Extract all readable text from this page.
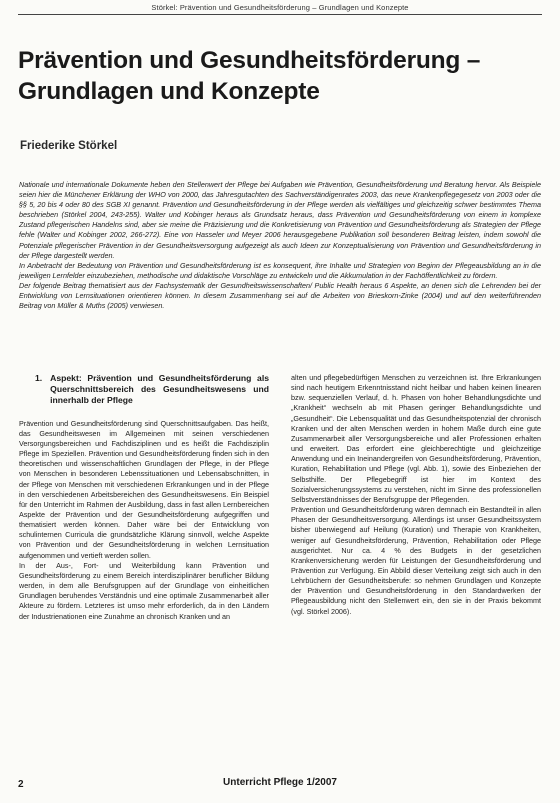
Störkel: Prävention und Gesundheitsförderung – Grundlagen und Konzepte
Prävention und Gesundheitsförderung –
Grundlagen und Konzepte
Friederike Störkel

Nationale und internationale Dokumente heben den Stellenwert der Pflege bei Aufgaben wie Prävention, Gesundheitsförderung und Beratung hervor. Als Beispiele seien hier die Münchener Erklärung der WHO von 2000, das Jahresgutachten des Sachverständigenrates 2003, das neue Krankenpflegegesetz von 2003 oder die §§ 5, 20 bis 4 oder 80 des SGB XI genannt. Prävention und Gesundheitsförderung in der Pflege werden als vielfältiges und gleichzeitig schwer bestimmtes Thema beschrieben (Störkel 2004, 243-255). Walter und Kobinger heraus als Grundsatz heraus, dass Prävention und Gesundheitsförderung von einem in komplexe Zustand pflegerischen Handelns sind, aber sie meine die Präzisierung und die Konkretisierung von Prävention und Gesundheitsförderung als Strategien der Pflege fehle (Walter und Kobinger 2002, 266-272). Eine von Hasseler und Meyer 2006 herausgegebene Publikation soll besonderen Beitrag leisten, indem sowohl die Potenziale pflegerischer Prävention in der Gesundheitsversorgung aufgezeigt als auch Ideen zur Konzeptualisierung von Prävention und Gesundheitsförderung in der Pflege dargestellt werden.

In Anbetracht der Bedeutung von Prävention und Gesundheitsförderung ist es konsequent, ihre Inhalte und Strategien von Beginn der Pflegeausbildung an in die jeweiligen Lernfelder einzubeziehen, methodische und didaktische Vorschläge zu entwickeln und die Akkumulation in der Fachöffentlichkeit zu fördern.

Der folgende Beitrag thematisiert aus der Fachsystematik der Gesundheitswissenschaften/ Public Health heraus 6 Aspekte, an denen sich die Lehrenden bei der Entwicklung von Lernsituationen orientieren können. In diesem Zusammenhang sei auf die Arbeiten von Brieskorn-Zinke (2004) und auf den weiterführenden Beitrag von Müller & Muths (2005) verwiesen.

1. Aspekt: Prävention und Gesundheitsförderung als Querschnittsbereich des Gesundheitswesens und innerhalb der Pflege

Prävention und Gesundheitsförderung sind Querschnittsaufgaben. Das heißt, das Gesundheitswesen im Allgemeinen mit seinen verschiedenen Versorgungsbereichen und Fachdisziplinen und es heißt die Fachdisziplin Pflege im Speziellen. Prävention und Gesundheitsförderung finden sich in den theoretischen und wissenschaftlichen Grundlagen der Pflege, in der Pflege von Menschen in besonderen Lebenssituationen und Lebensabschnitten, in der Pflege von Menschen mit verschiedenen Erkrankungen und in der Pflege in den verschiedenen Arbeitsbereichen des Gesundheitswesens. Ein Beispiel für den Unterricht im Rahmen der Ausbildung, dass in fast allen Lernbereichen Aspekte der Prävention und der Gesundheitsförderung aufgegriffen und thematisiert werden können. Daher wäre bei der Entwicklung von schulinternen Curricula die grundsätzliche Klärung sinnvoll, welche Aspekte von Prävention und der Gesundheitsförderung in welchen Lernsituation aufgenommen und vertieft werden sollen.

In der Aus-, Fort- und Weiterbildung kann Prävention und Gesundheitsförderung zu einem Bereich interdisziplinärer beruflicher Bildung werden, in dem alle Berufsgruppen auf der Grundlage von einheitlichen Grundlagen beruhendes Verständnis und eine optimale Zusammenarbeit aller Akteure zu fördern. Letzteres ist umso mehr erforderlich, da in den Ländern der Industrienationen eine Zunahme an chronisch Kranken und an

alten und pflegebedürftigen Menschen zu verzeichnen ist. Ihre Erkrankungen sind nach heutigem Erkenntnisstand nicht heilbar und haben keinen linearen bzw. sequenziellen Verlauf, d. h. Phasen von hoher Behandlungsdichte und „Krankheit“ wechseln ab mit Phasen geringer Behandlungsdichte und „Gesundheit“. Die Lebensqualität und das Gesundheitspotenzial der chronisch Kranken und der alten Menschen werden in hohem Maße durch eine gute Zusammenarbeit aller Versorgungsbereiche und aller Professionen erhalten und erweitert. Das erfordert eine gleichberechtigte und gleichzeitige Anwendung und ein Ineinandergreifen von Gesundheitsförderung, Prävention, Kuration, Rehabilitation und Pflege (vgl. Abb. 1), sowie des Einbeziehen der Selbsthilfe. Der Pflegebegriff ist hier im Kontext des Sozialversicherungssystems zu verstehen, nicht im Sinne des professionellen Selbstverständnisses der Berufsgruppe der Pflegenden.

Prävention und Gesundheitsförderung wären demnach ein Bestandteil in allen Phasen der Gesundheitsversorgung. Allerdings ist unser Gesundheitssystem bisher überwiegend auf Heilung (Kuration) und Therapie von Krankheiten, weniger auf Gesundheitsförderung, Prävention, Rehabilitation oder Pflege ausgerichtet. Nur ca. 4 % des Budgets in der gesetzlichen Krankenversicherung werden für Leistungen der Gesundheitsförderung und Prävention zur Verfügung. Ein Abbild dieser Verteilung zeigt sich auch in den Lehrbüchern der Gesundheitsberufe: so nehmen Grundlagen und Konzepte der Prävention und Gesundheitsförderung in den Standardwerken der Pflegeausbildung nicht den Stellenwert ein, den sie in der Praxis bekommt (vgl. Störkel 2006).

2	Unterricht Pflege 1/2007
